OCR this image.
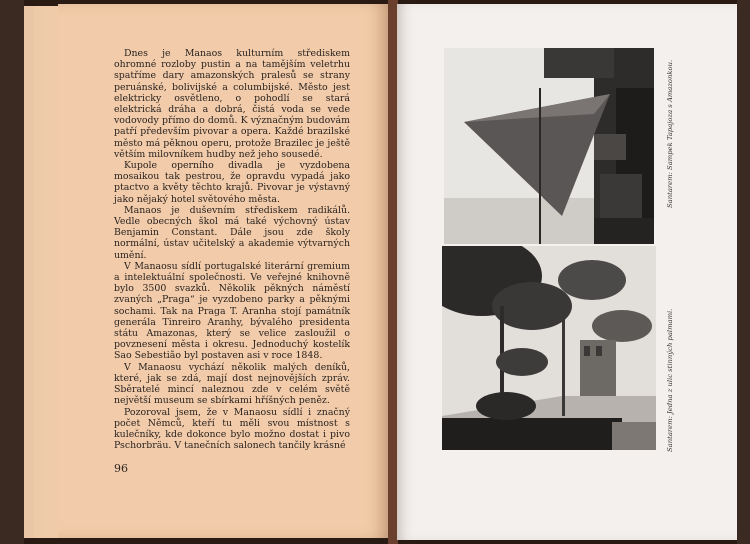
Dnes je Manaos kulturním střediskem ohromné rozloby pustin a na tamějším veletrhu spatříme dary amazonských pralesů se strany peruánské, bolivijské a columbijské. Město jest elektricky osvětleno, o pohodlí se stará elektrická dráha a dobrá, čistá voda se vede vodovody přímo do domů. K význačným budovám patří především pivovar a opera. Každé brazilské město má pěknou operu, protože Brazilec je ještě větším milovníkem hudby než jeho sousedé.

Kupole operního divadla je vyzdobena mosaikou tak pestrou, že opravdu vypadá jako ptactvo a květy těchto krajů. Pivovar je výstavný jako nějaký hotel světového města.

Manaos je duševním střediskem radikálů. Vedle obecných škol má také výchovný ústav Benjamin Constant. Dále jsou zde školy normální, ústav učitelský a akademie výtvarných umění.

V Manaosu sídlí portugalské literární gremium a intelektuální společnosti. Ve veřejné knihovně bylo 3500 svazků. Několik pěkných náměstí zvaných „Praga“ je vyzdobeno parky a pěknými sochami. Tak na Praga T. Aranha stojí památník generála Tinreiro Aranhy, bývalého presidenta státu Amazonas, který se velice zasloužil o povznesení města i okresu. Jednoduchý kostelík Sao Sebestião byl postaven asi v roce 1848.

V Manaosu vychází několik malých deníků, které, jak se zdá, mají dost nejnovějších zpráv. Sběratelé mincí naleznou zde v celém světě největší museum se sbírkami hříšných peněz.

Pozoroval jsem, že v Manaosu sídlí i značný počet Němců, kteří tu měli svou místnost s kulečníky, kde dokonce bylo možno dostat i pivo Pschorbräu. V tanečních salonech tančily krásné

96
Santarem: Sampek Tapajoza s Amazonkou.
Santarem: Jedna z ulic stinných palmami.
